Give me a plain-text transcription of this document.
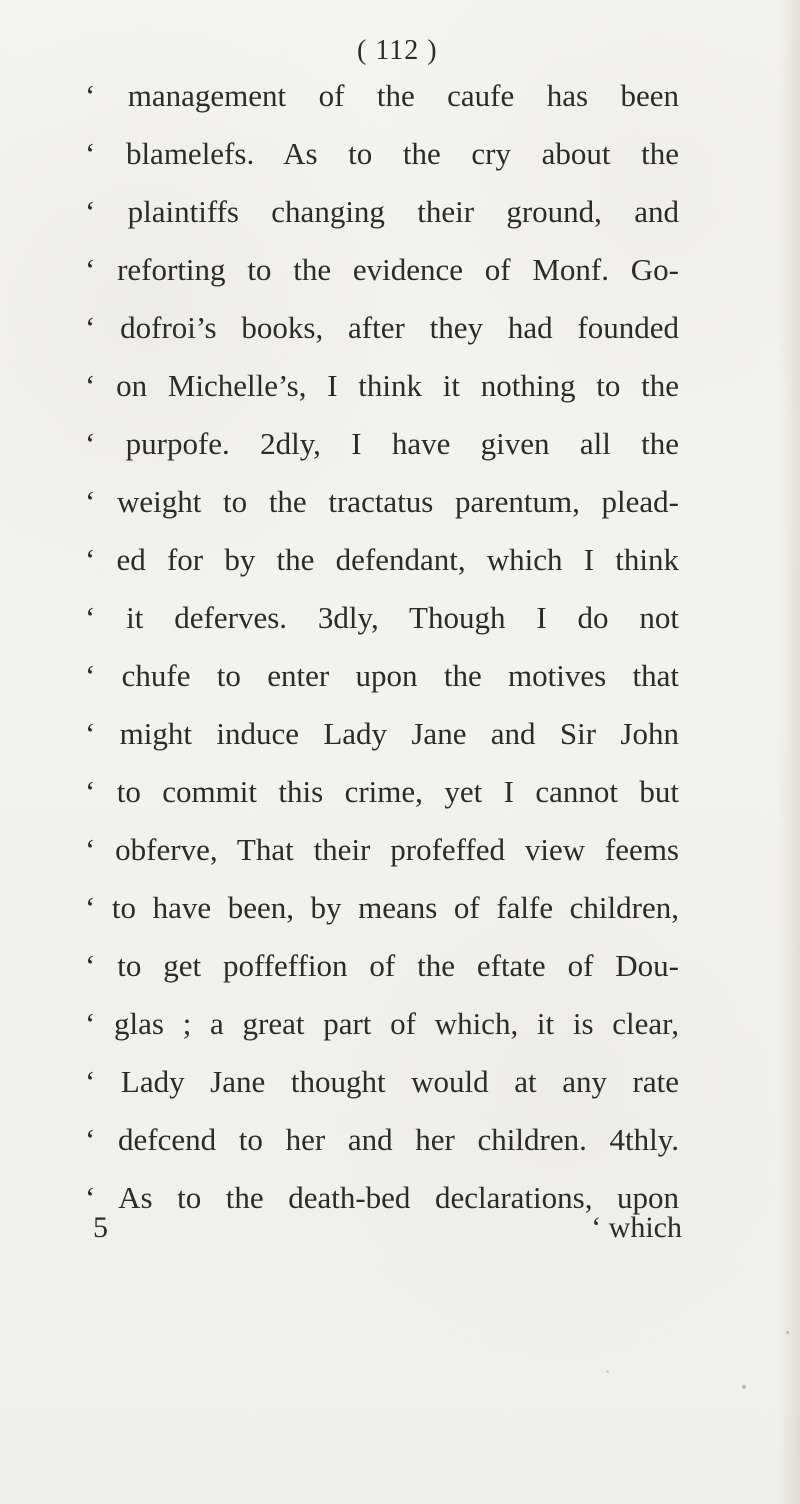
( 112 )
‘ management of the caufe has been
‘ blamelefs. As to the cry about the
‘ plaintiffs changing their ground, and
‘ reforting to the evidence of Monf. Go-
‘ dofroi’s books, after they had founded
‘ on Michelle’s, I think it nothing to the
‘ purpofe. 2dly, I have given all the
‘ weight to the tractatus parentum, plead-
‘ ed for by the defendant, which I think
‘ it deferves. 3dly, Though I do not
‘ chufe to enter upon the motives that
‘ might induce Lady Jane and Sir John
‘ to commit this crime, yet I cannot but
‘ obferve, That their profeffed view feems
‘ to have been, by means of falfe children,
‘ to get poffeffion of the eftate of Dou-
‘ glas ; a great part of which, it is clear,
‘ Lady Jane thought would at any rate
‘ defcend to her and her children. 4thly.
‘ As to the death-bed declarations, upon
5	‘ which
